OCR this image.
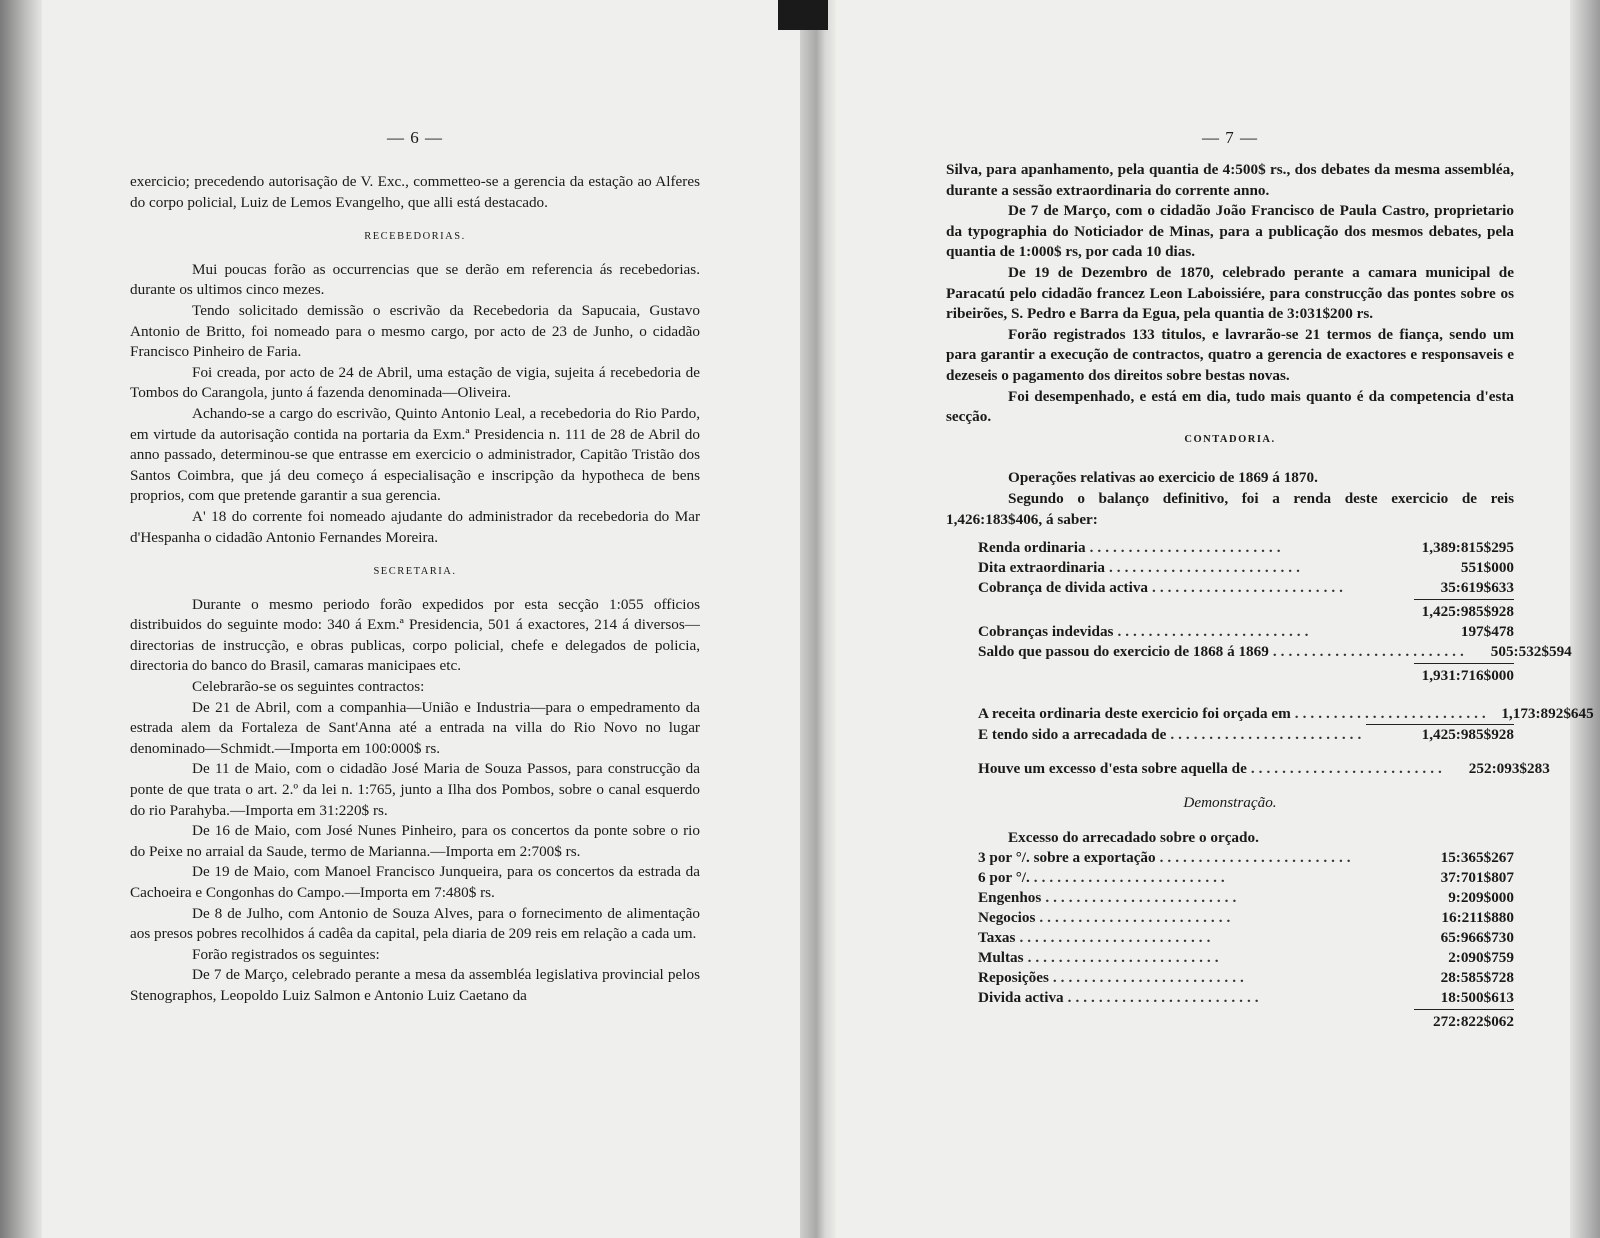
— 6 —

exercicio; precedendo autorisação de V. Exc., commetteo-se a gerencia da estação ao Alferes do corpo policial, Luiz de Lemos Evangelho, que alli está destacado.

RECEBEDORIAS.

Mui poucas forão as occurrencias que se derão em referencia ás recebedorias. durante os ultimos cinco mezes.

Tendo solicitado demissão o escrivão da Recebedoria da Sapucaia, Gustavo Antonio de Britto, foi nomeado para o mesmo cargo, por acto de 23 de Junho, o cidadão Francisco Pinheiro de Faria.

Foi creada, por acto de 24 de Abril, uma estação de vigia, sujeita á recebedoria de Tombos do Carangola, junto á fazenda denominada—Oliveira.

Achando-se a cargo do escrivão, Quinto Antonio Leal, a recebedoria do Rio Pardo, em virtude da autorisação contida na portaria da Exm.ª Presidencia n. 111 de 28 de Abril do anno passado, determinou-se que entrasse em exercicio o administrador, Capitão Tristão dos Santos Coimbra, que já deu começo á especialisação e inscripção da hypotheca de bens proprios, com que pretende garantir a sua gerencia.

A' 18 do corrente foi nomeado ajudante do administrador da recebedoria do Mar d'Hespanha o cidadão Antonio Fernandes Moreira.

SECRETARIA.

Durante o mesmo periodo forão expedidos por esta secção 1:055 officios distribuidos do seguinte modo: 340 á Exm.ª Presidencia, 501 á exactores, 214 á diversos—directorias de instrucção, e obras publicas, corpo policial, chefe e delegados de policia, directoria do banco do Brasil, camaras manicipaes etc.

Celebrarão-se os seguintes contractos:

De 21 de Abril, com a companhia—União e Industria—para o empedramento da estrada alem da Fortaleza de Sant'Anna até a entrada na villa do Rio Novo no lugar denominado—Schmidt.—Importa em 100:000$ rs.

De 11 de Maio, com o cidadão José Maria de Souza Passos, para construcção da ponte de que trata o art. 2.º da lei n. 1:765, junto a Ilha dos Pombos, sobre o canal esquerdo do rio Parahyba.—Importa em 31:220$ rs.

De 16 de Maio, com José Nunes Pinheiro, para os concertos da ponte sobre o rio do Peixe no arraial da Saude, termo de Marianna.—Importa em 2:700$ rs.

De 19 de Maio, com Manoel Francisco Junqueira, para os concertos da estrada da Cachoeira e Congonhas do Campo.—Importa em 7:480$ rs.

De 8 de Julho, com Antonio de Souza Alves, para o fornecimento de alimentação aos presos pobres recolhidos á cadêa da capital, pela diaria de 209 reis em relação a cada um.

Forão registrados os seguintes:

De 7 de Março, celebrado perante a mesa da assembléa legislativa provincial pelos Stenographos, Leopoldo Luiz Salmon e Antonio Luiz Caetano da

— 7 —

Silva, para apanhamento, pela quantia de 4:500$ rs., dos debates da mesma assembléa, durante a sessão extraordinaria do corrente anno.

De 7 de Março, com o cidadão João Francisco de Paula Castro, proprietario da typographia do Noticiador de Minas, para a publicação dos mesmos debates, pela quantia de 1:000$ rs, por cada 10 dias.

De 19 de Dezembro de 1870, celebrado perante a camara municipal de Paracatú pelo cidadão francez Leon Laboissiére, para construcção das pontes sobre os ribeirões, S. Pedro e Barra da Egua, pela quantia de 3:031$200 rs.

Forão registrados 133 titulos, e lavrarão-se 21 termos de fiança, sendo um para garantir a execução de contractos, quatro a gerencia de exactores e responsaveis e dezeseis o pagamento dos direitos sobre bestas novas.

Foi desempenhado, e está em dia, tudo mais quanto é da competencia d'esta secção.

CONTADORIA.

Operações relativas ao exercicio de 1869 á 1870.

Segundo o balanço definitivo, foi a renda deste exercicio de reis 1,426:183$406, á saber:

Renda ordinaria .........................	1,389:815$295
Dita extraordinaria .........................	551$000
Cobrança de divida activa .........................	35:619$633
1,425:985$928
Cobranças indevidas .........................	197$478
Saldo que passou do exercicio de 1868 á 1869 .........................	505:532$594
1,931:716$000
A receita ordinaria deste exercicio foi orçada em ......................... 1,173:892$645
E tendo sido a arrecadada de .........................	1,425:985$928
Houve um excesso d'esta sobre aquella de .........................	252:093$283
Demonstração.

Excesso do arrecadado sobre o orçado.

3 por °/. sobre a exportação .........................	15:365$267
6 por °/. .........................	37:701$807
Engenhos .........................	9:209$000
Negocios .........................	16:211$880
Taxas .........................	65:966$730
Multas .........................	2:090$759
Reposições .........................	28:585$728
Divida activa .........................	18:500$613
272:822$062
